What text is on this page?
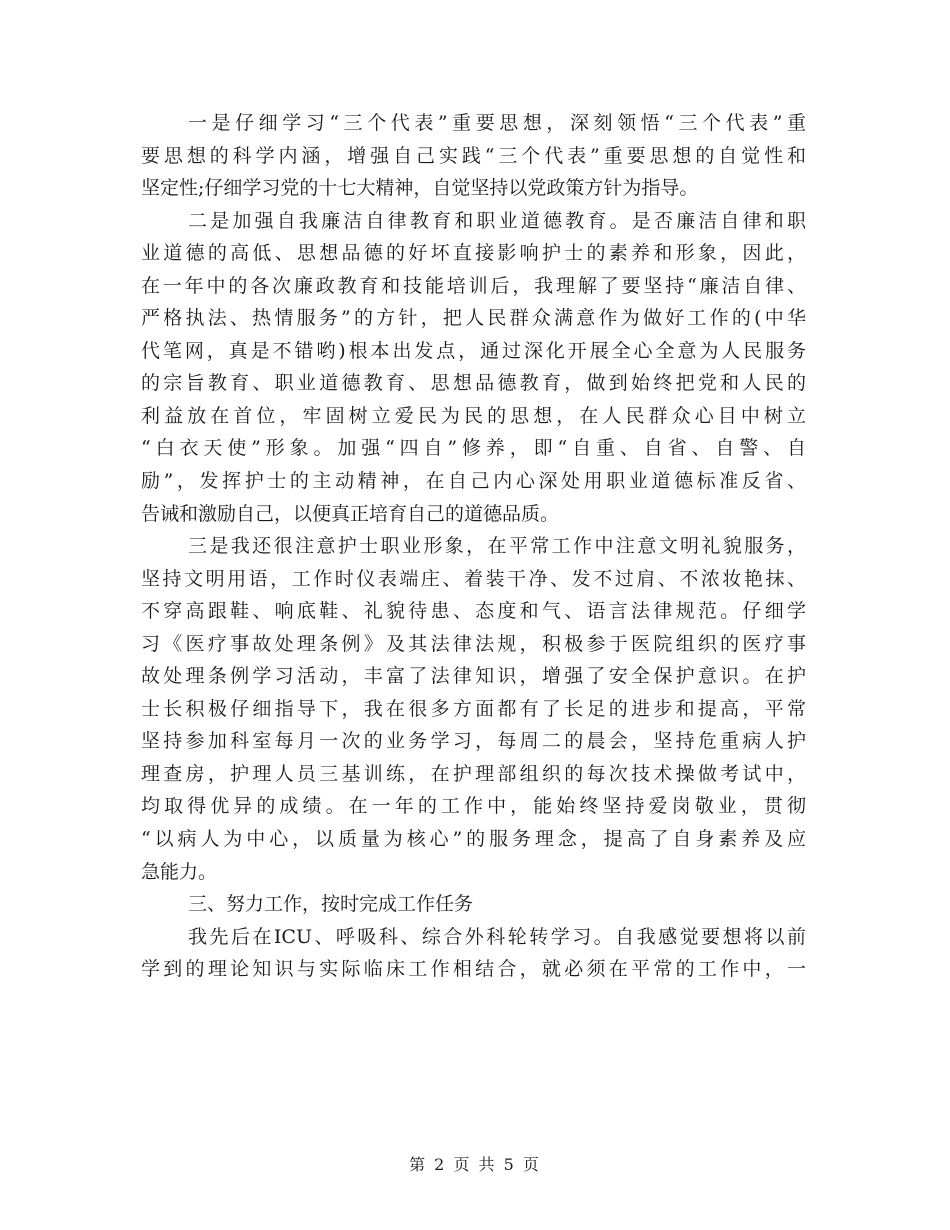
一是仔细学习“三个代表”重要思想，深刻领悟“三个代表”重
要思想的科学内涵，增强自己实践“三个代表”重要思想的自觉性和
坚定性;仔细学习党的十七大精神，自觉坚持以党政策方针为指导。
二是加强自我廉洁自律教育和职业道德教育。是否廉洁自律和职
业道德的高低、思想品德的好坏直接影响护士的素养和形象，因此，
在一年中的各次廉政教育和技能培训后，我理解了要坚持“廉洁自律、
严格执法、热情服务”的方针，把人民群众满意作为做好工作的(中华
代笔网，真是不错哟)根本出发点，通过深化开展全心全意为人民服务
的宗旨教育、职业道德教育、思想品德教育，做到始终把党和人民的
利益放在首位，牢固树立爱民为民的思想，在人民群众心目中树立
“白衣天使”形象。加强“四自”修养，即“自重、自省、自警、自
励”，发挥护士的主动精神，在自己内心深处用职业道德标准反省、
告诫和激励自己，以便真正培育自己的道德品质。
三是我还很注意护士职业形象，在平常工作中注意文明礼貌服务，
坚持文明用语，工作时仪表端庄、着装干净、发不过肩、不浓妆艳抹、
不穿高跟鞋、响底鞋、礼貌待患、态度和气、语言法律规范。仔细学
习《医疗事故处理条例》及其法律法规，积极参于医院组织的医疗事
故处理条例学习活动，丰富了法律知识，增强了安全保护意识。在护
士长积极仔细指导下，我在很多方面都有了长足的进步和提高，平常
坚持参加科室每月一次的业务学习，每周二的晨会，坚持危重病人护
理查房，护理人员三基训练，在护理部组织的每次技术操做考试中，
均取得优异的成绩。在一年的工作中，能始终坚持爱岗敬业，贯彻
“以病人为中心，以质量为核心”的服务理念，提高了自身素养及应
急能力。
三、努力工作，按时完成工作任务
我先后在ICU、呼吸科、综合外科轮转学习。自我感觉要想将以前
学到的理论知识与实际临床工作相结合，就必须在平常的工作中，一
第 2 页 共 5 页
